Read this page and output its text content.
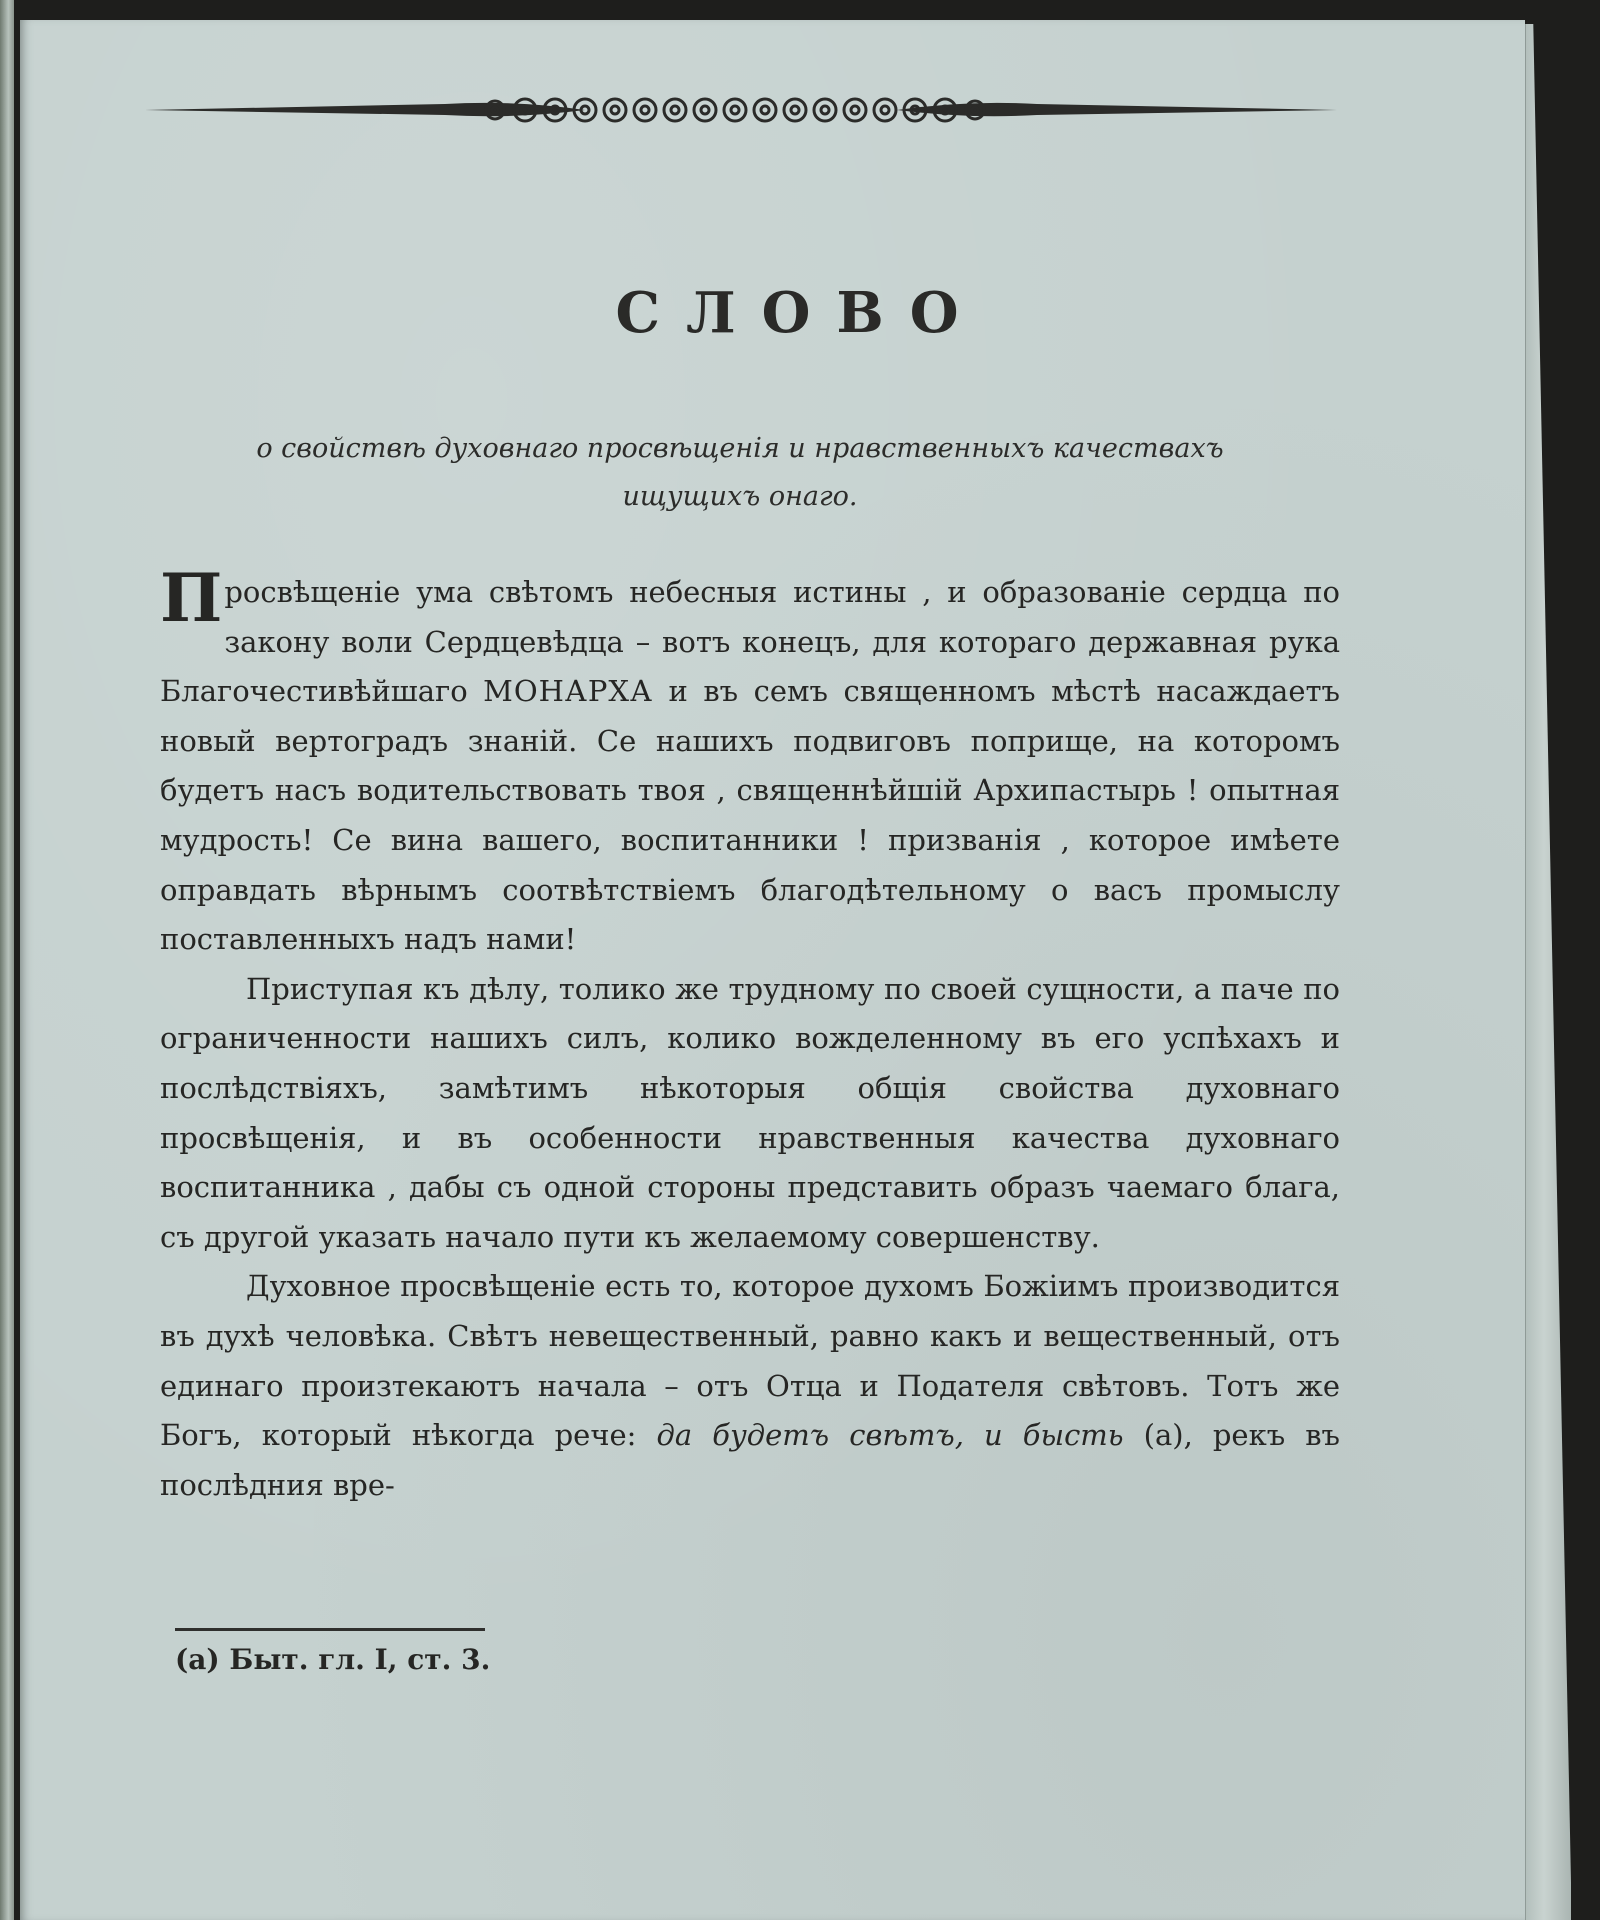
СЛОВО
о свойствѣ духовнаго просвѣщенія и нравственныхъ качествахъ
ищущихъ онаго.

Просвѣщеніе ума свѣтомъ небесныя истины , и образованіе сердца по закону воли Сердцевѣдца – вотъ конецъ, для котораго державная рука Благочестивѣйшаго МОНАРХА и въ семъ священномъ мѣстѣ насаждаетъ новый вертоградъ знаній. Се нашихъ подвиговъ поприще, на которомъ будетъ насъ водительствовать твоя , священнѣйшій Архипастырь ! опытная мудрость! Се вина вашего, воспитанники ! призванія , которое имѣете оправдать вѣрнымъ соотвѣтствіемъ благодѣтельному о васъ промыслу поставленныхъ надъ нами!

Приступая къ дѣлу, толико же трудному по своей сущности, а паче по ограниченности нашихъ силъ, колико вожделенному въ его успѣхахъ и послѣдствіяхъ, замѣтимъ нѣкоторыя общія свойства духовнаго просвѣщенія, и въ особенности нравственныя качества духовнаго воспитанника , дабы съ одной стороны представить образъ чаемаго блага, съ другой указать начало пути къ желаемому совершенству.

Духовное просвѣщеніе есть то, которое духомъ Божіимъ производится въ духѣ человѣка. Свѣтъ невещественный, равно какъ и вещественный, отъ единаго произтекаютъ начала – отъ Отца и Подателя свѣтовъ. Тотъ же Богъ, который нѣкогда рече: да будетъ свѣтъ, и бысть (а), рекъ въ послѣдния вре-

(а) Быт. гл. I, ст. 3.
